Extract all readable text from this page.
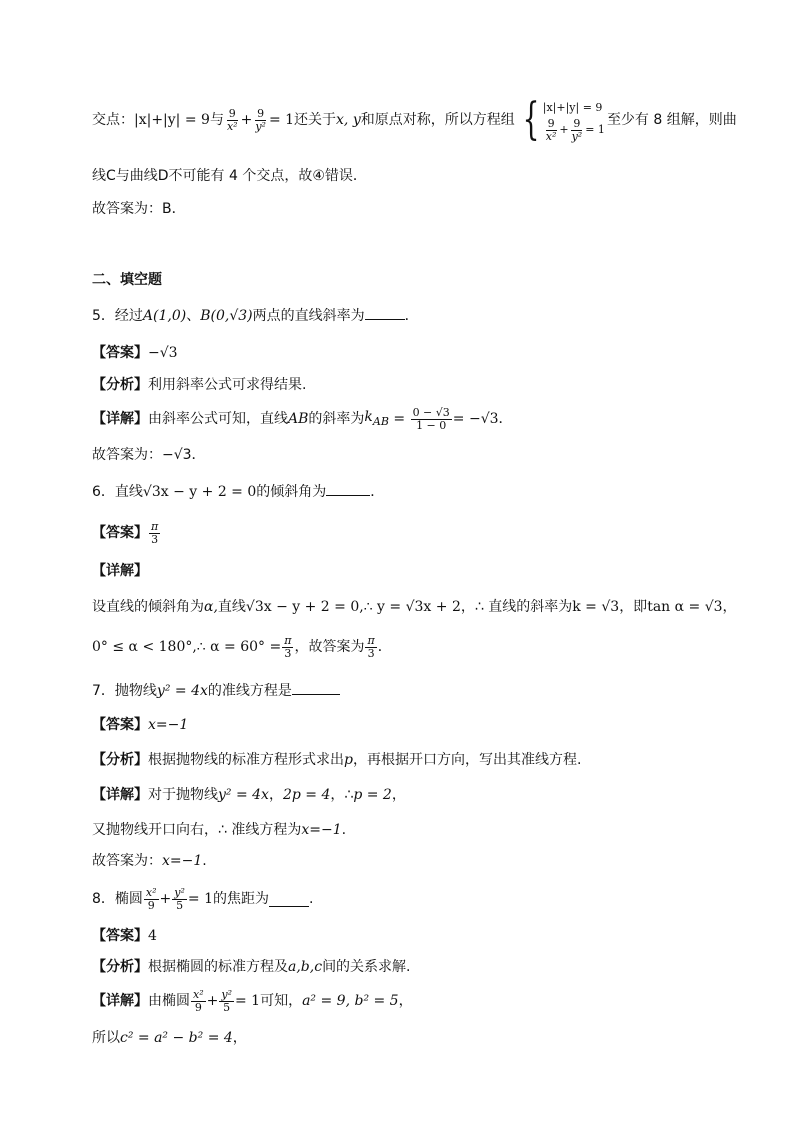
交点： |x|+|y| = 9 与 $\frac{9}{\text{x²}} + \frac{9}{\text{y²}} = 1$ 还关于 x, y 和原点对称，所以方程组 { |x|+|y| = 9
$\frac{9}{\text{x²}} + \frac{9}{\text{y²}} = 1$
至少有 8 组解，则曲
线C与曲线D不可能有 4 个交点，故④错误．
故答案为：B．
二、填空题
5．经过A(1,0)、B(0,√3)两点的直线斜率为	．
【答案】−√3
【分析】利用斜率公式可求得结果.
【详解】 由斜率公式可知，直线 AB 的斜率为 $k_{AB} = \frac{0 - √3}{1 - 0} = -√3$ ．
故答案为：−√3．
6．直线√3x − y + 2 = 0的倾斜角为	．
【答案】 $\frac{\pi}{3}$
【详解】
设直线的倾斜角为α,直线√3x − y + 2 = 0,∴ y = √3x + 2，∴ 直线的斜率为k = √3，即tan α = √3，
0° ≤ α < 180°,∴ $\alpha = 60^\circ = \frac{\pi}{3}$ ，故答案为 $\frac{\pi}{3}$ ．
7．抛物线y² = 4x的准线方程是
【答案】x=−1
【分析】根据抛物线的标准方程形式求出p，再根据开口方向，写出其准线方程.
【详解】对于抛物线y² = 4x，2p = 4，∴p = 2，
又抛物线开口向右，∴ 准线方程为x=−1.
故答案为：x=−1.
8．椭圆 $\frac{\text{x²}}{9} + \frac{\text{y²}}{5} = 1$ 的焦距为	.
【答案】4
【分析】根据椭圆的标准方程及a,b,c间的关系求解.
【详解】 由椭圆 $\frac{\text{x²}}{9} + \frac{\text{y²}}{5} = 1$ 可知， a² = 9, b² = 5 ，
所以c² = a² − b² = 4，
